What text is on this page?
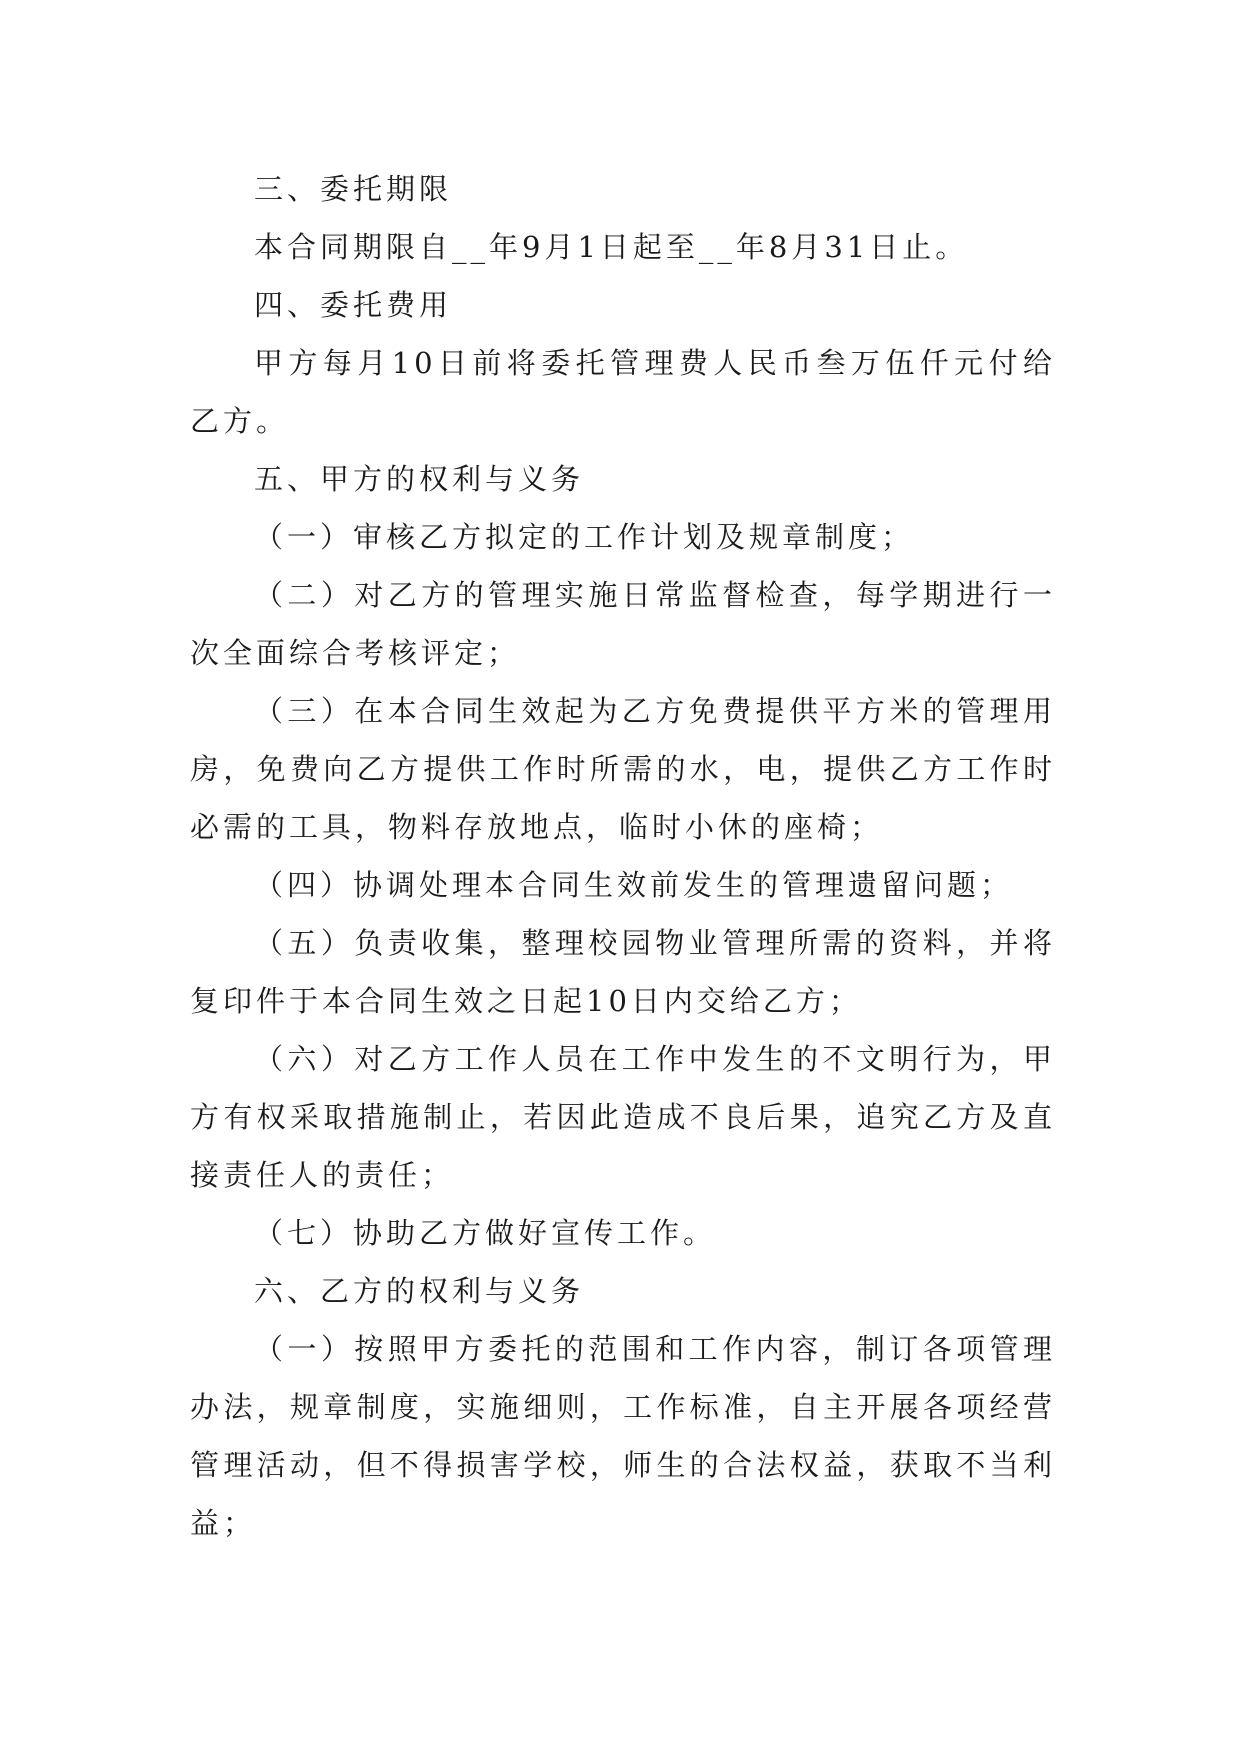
三、委托期限

本合同期限自__年9月1日起至__年8月31日止。

四、委托费用

甲方每月10日前将委托管理费人民币叁万伍仟元付给乙方。

五、甲方的权利与义务

（一）审核乙方拟定的工作计划及规章制度；

（二）对乙方的管理实施日常监督检查，每学期进行一次全面综合考核评定；

（三）在本合同生效起为乙方免费提供平方米的管理用房，免费向乙方提供工作时所需的水，电，提供乙方工作时必需的工具，物料存放地点，临时小休的座椅；

（四）协调处理本合同生效前发生的管理遗留问题；

（五）负责收集，整理校园物业管理所需的资料，并将复印件于本合同生效之日起10日内交给乙方；

（六）对乙方工作人员在工作中发生的不文明行为，甲方有权采取措施制止，若因此造成不良后果，追究乙方及直接责任人的责任；

（七）协助乙方做好宣传工作。

六、乙方的权利与义务

（一）按照甲方委托的范围和工作内容，制订各项管理办法，规章制度，实施细则，工作标准，自主开展各项经营管理活动，但不得损害学校，师生的合法权益，获取不当利益；
